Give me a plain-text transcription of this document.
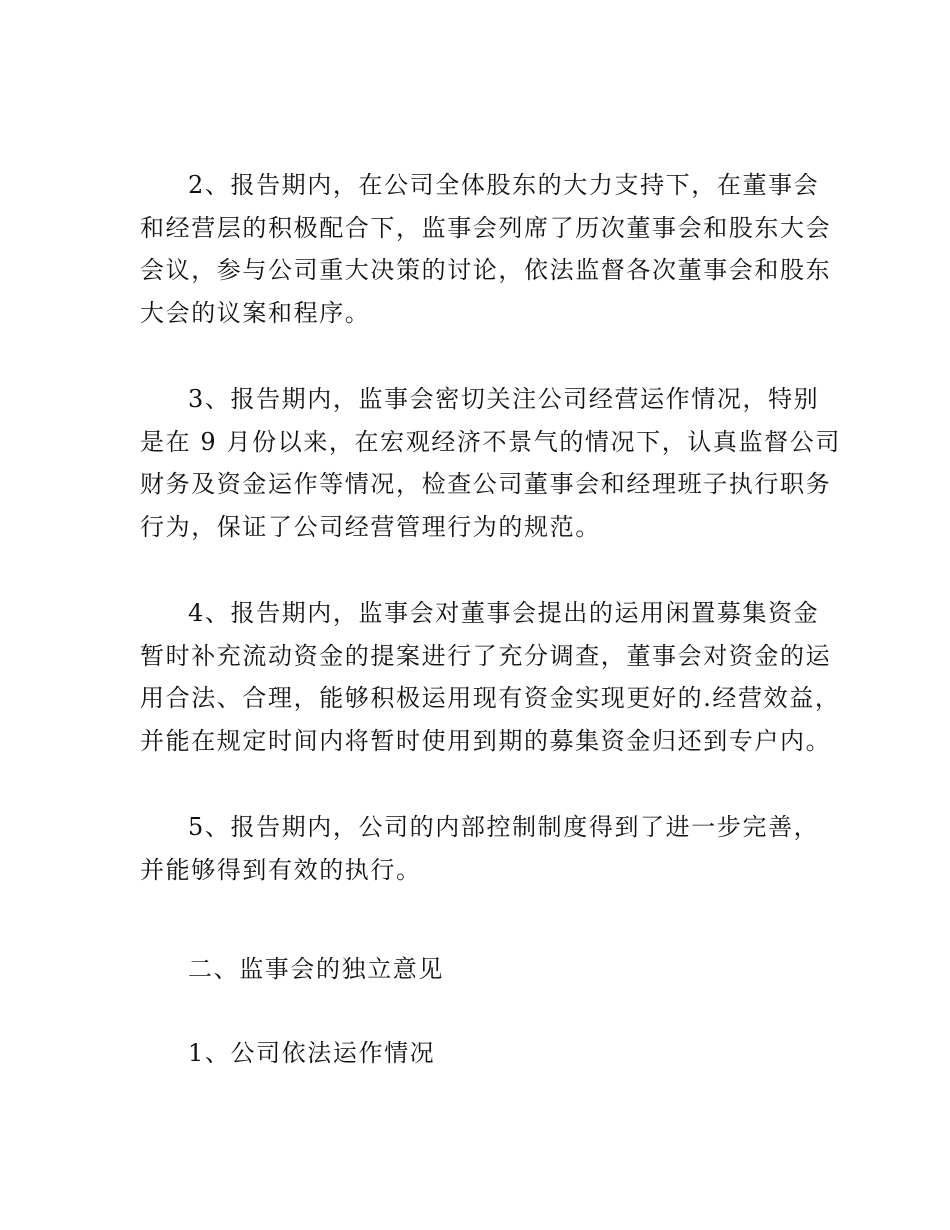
2、报告期内，在公司全体股东的大力支持下，在董事会
和经营层的积极配合下，监事会列席了历次董事会和股东大会
会议，参与公司重大决策的讨论，依法监督各次董事会和股东
大会的议案和程序。
3、报告期内，监事会密切关注公司经营运作情况，特别
是在 9 月份以来，在宏观经济不景气的情况下，认真监督公司
财务及资金运作等情况，检查公司董事会和经理班子执行职务
行为，保证了公司经营管理行为的规范。
4、报告期内，监事会对董事会提出的运用闲置募集资金
暂时补充流动资金的提案进行了充分调查，董事会对资金的运
用合法、合理，能够积极运用现有资金实现更好的.经营效益，
并能在规定时间内将暂时使用到期的募集资金归还到专户内。
5、报告期内，公司的内部控制制度得到了进一步完善，
并能够得到有效的执行。
二、监事会的独立意见
1、公司依法运作情况
